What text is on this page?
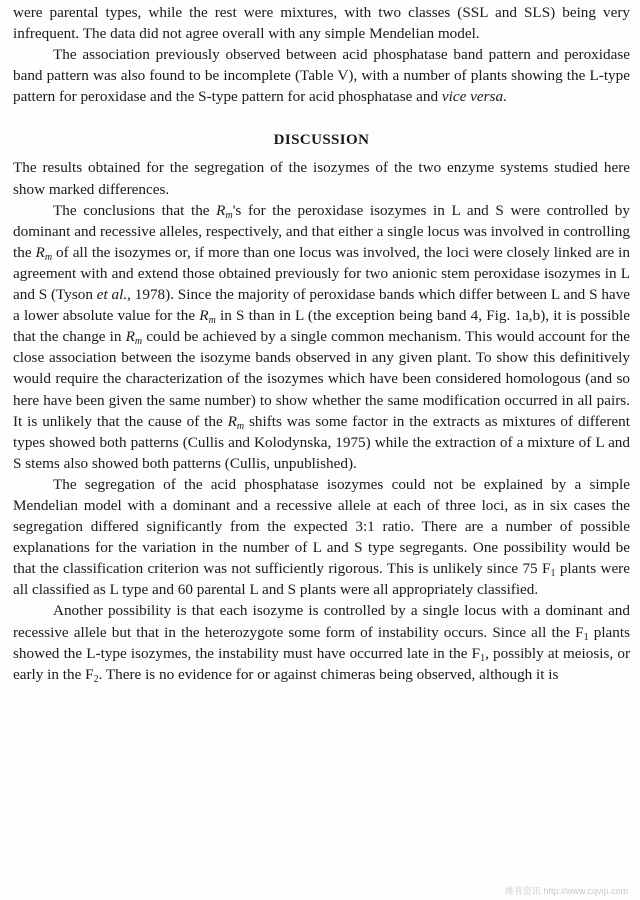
were parental types, while the rest were mixtures, with two classes (SSL and SLS) being very infrequent. The data did not agree overall with any simple Mendelian model.

The association previously observed between acid phosphatase band pattern and peroxidase band pattern was also found to be incomplete (Table V), with a number of plants showing the L-type pattern for peroxidase and the S-type pattern for acid phosphatase and vice versa.

DISCUSSION

The results obtained for the segregation of the isozymes of the two enzyme systems studied here show marked differences.

The conclusions that the $R_m's$ for the peroxidase isozymes in L and S were controlled by dominant and recessive alleles, respectively, and that either a single locus was involved in controlling the $R_m$ of all the isozymes or, if more than one locus was involved, the loci were closely linked are in agreement with and extend those obtained previously for two anionic stem peroxidase isozymes in L and S (Tyson et al., 1978). Since the majority of peroxidase bands which differ between L and S have a lower absolute value for the $R_m$ in S than in L (the exception being band 4, Fig. 1a,b), it is possible that the change in $R_m$ could be achieved by a single common mechanism. This would account for the close association between the isozyme bands observed in any given plant. To show this definitively would require the characterization of the isozymes which have been considered homologous (and so here have been given the same number) to show whether the same modification occurred in all pairs. It is unlikely that the cause of the $R_m$ shifts was some factor in the extracts as mixtures of different types showed both patterns (Cullis and Kolodynska, 1975) while the extraction of a mixture of L and S stems also showed both patterns (Cullis, unpublished).

The segregation of the acid phosphatase isozymes could not be explained by a simple Mendelian model with a dominant and a recessive allele at each of three loci, as in six cases the segregation differed significantly from the expected 3:1 ratio. There are a number of possible explanations for the variation in the number of L and S type segregants. One possibility would be that the classification criterion was not sufficiently rigorous. This is unlikely since 75 $F_1$ plants were all classified as L type and 60 parental L and S plants were all appropriately classified.

Another possibility is that each isozyme is controlled by a single locus with a dominant and recessive allele but that in the heterozygote some form of instability occurs. Since all the $F_1$ plants showed the L-type isozymes, the instability must have occurred late in the $F_1$, possibly at meiosis, or early in the $F_2$. There is no evidence for or against chimeras being observed, although it is

维普资讯 http://www.cqvip.com
